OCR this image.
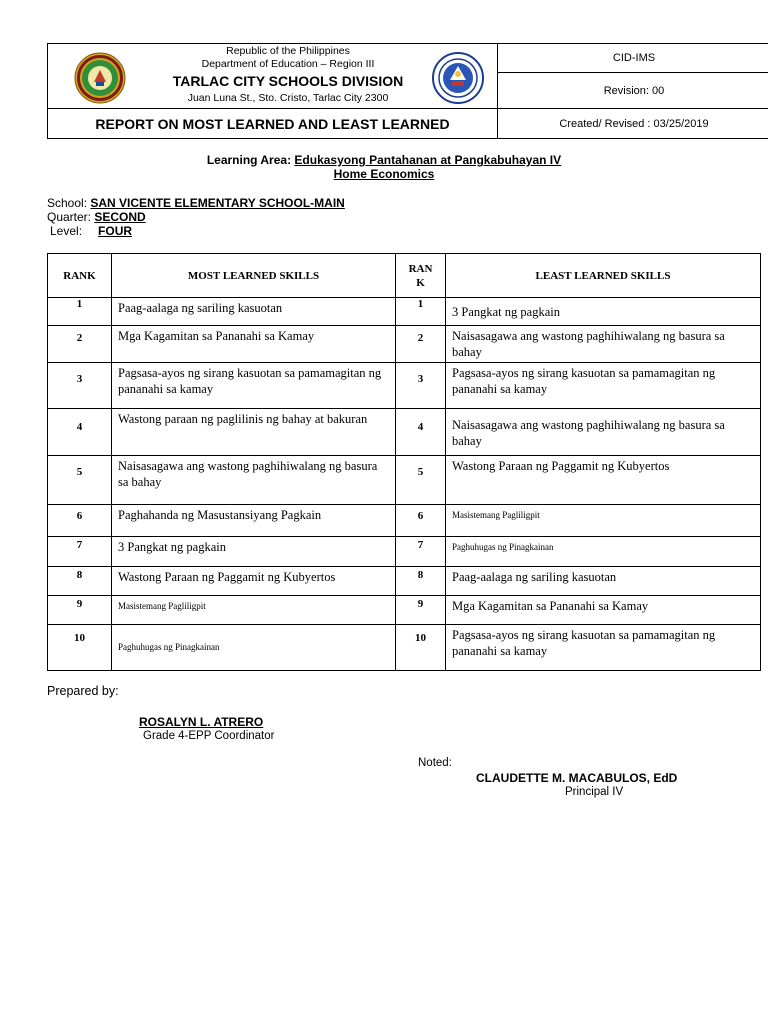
Republic of the Philippines
Department of Education – Region III
TARLAC CITY SCHOOLS DIVISION
Juan Luna St., Sto. Cristo, Tarlac City 2300
CID-IMS
Revision: 00
REPORT ON MOST LEARNED AND LEAST LEARNED	Created/ Revised : 03/25/2019
Learning Area: Edukasyong Pantahanan at Pangkabuhayan IV
Home Economics
School: SAN VICENTE ELEMENTARY SCHOOL-MAIN
Quarter: SECOND
Level: FOUR
RANK	MOST LEARNED SKILLS	RAN K	LEAST LEARNED SKILLS
1	Paag-aalaga ng sariling kasuotan	1	3 Pangkat ng pagkain
2	Mga Kagamitan sa Pananahi sa Kamay	2	Naisasagawa ang wastong paghihiwalang ng basura sa bahay
3	Pagsasa-ayos ng sirang kasuotan sa pamamagitan ng pananahi sa kamay	3	Pagsasa-ayos ng sirang kasuotan sa pamamagitan ng pananahi sa kamay
4	Wastong paraan ng paglilinis ng bahay at bakuran	4	Naisasagawa ang wastong paghihiwalang ng basura sa bahay
5	Naisasagawa ang wastong paghihiwalang ng basura sa bahay	5	Wastong Paraan ng Paggamit ng Kubyertos
6	Paghahanda ng Masustansiyang Pagkain	6	Masistemang Pagliligpit
7	3 Pangkat ng pagkain	7	Paghuhugas ng Pinagkainan
8	Wastong Paraan ng Paggamit ng Kubyertos	8	Paag-aalaga ng sariling kasuotan
9	Masistemang Pagliligpit	9	Mga Kagamitan sa Pananahi sa Kamay
10	Paghuhugas ng Pinagkainan	10	Pagsasa-ayos ng sirang kasuotan sa pamamagitan ng pananahi sa kamay
Prepared by:
ROSALYN L. ATRERO
Grade 4-EPP Coordinator
Noted:
CLAUDETTE M. MACABULOS, EdD
Principal IV
